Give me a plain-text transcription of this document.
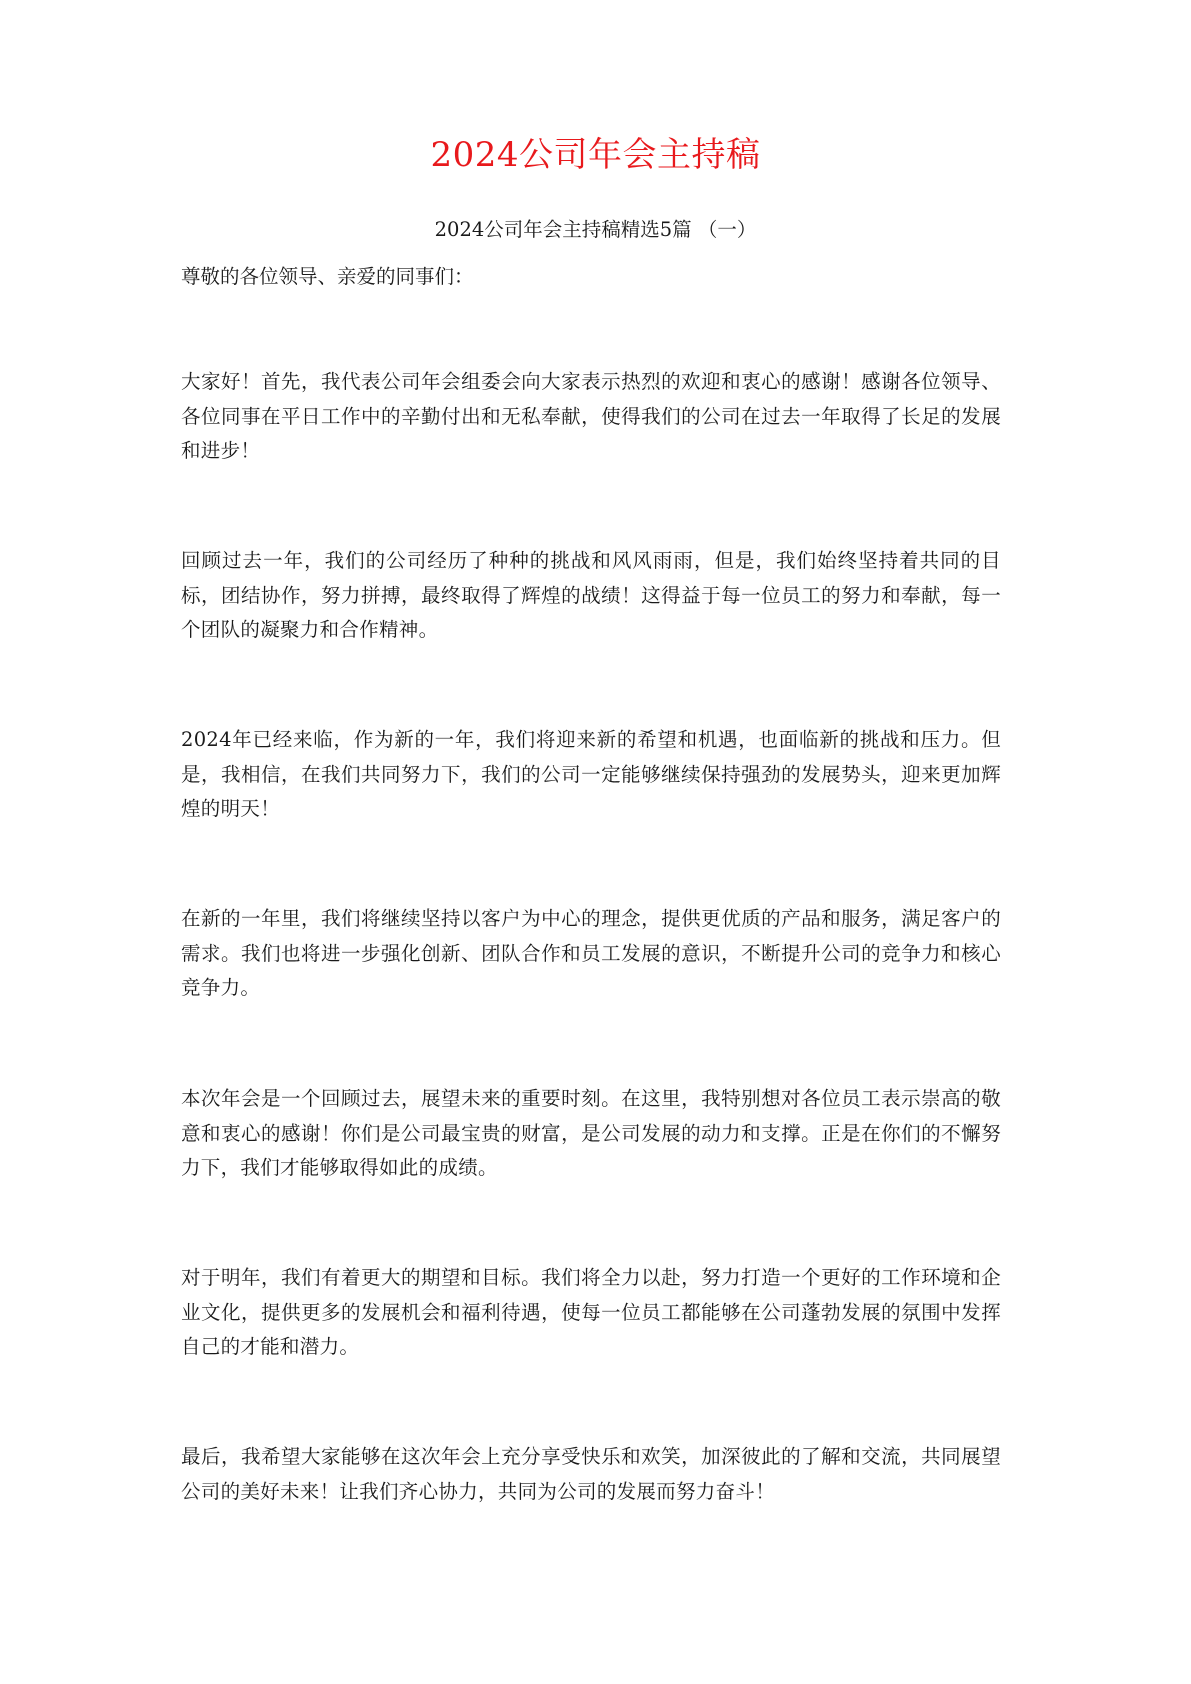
2024公司年会主持稿
2024公司年会主持稿精选5篇 （一）
尊敬的各位领导、亲爱的同事们：
大家好！首先，我代表公司年会组委会向大家表示热烈的欢迎和衷心的感谢！感谢各位领导、各位同事在平日工作中的辛勤付出和无私奉献，使得我们的公司在过去一年取得了长足的发展和进步！
回顾过去一年，我们的公司经历了种种的挑战和风风雨雨，但是，我们始终坚持着共同的目标，团结协作，努力拼搏，最终取得了辉煌的战绩！这得益于每一位员工的努力和奉献，每一个团队的凝聚力和合作精神。
2024年已经来临，作为新的一年，我们将迎来新的希望和机遇，也面临新的挑战和压力。但是，我相信，在我们共同努力下，我们的公司一定能够继续保持强劲的发展势头，迎来更加辉煌的明天！
在新的一年里，我们将继续坚持以客户为中心的理念，提供更优质的产品和服务，满足客户的需求。我们也将进一步强化创新、团队合作和员工发展的意识，不断提升公司的竞争力和核心竞争力。
本次年会是一个回顾过去，展望未来的重要时刻。在这里，我特别想对各位员工表示崇高的敬意和衷心的感谢！你们是公司最宝贵的财富，是公司发展的动力和支撑。正是在你们的不懈努力下，我们才能够取得如此的成绩。
对于明年，我们有着更大的期望和目标。我们将全力以赴，努力打造一个更好的工作环境和企业文化，提供更多的发展机会和福利待遇，使每一位员工都能够在公司蓬勃发展的氛围中发挥自己的才能和潜力。
最后，我希望大家能够在这次年会上充分享受快乐和欢笑，加深彼此的了解和交流，共同展望公司的美好未来！让我们齐心协力，共同为公司的发展而努力奋斗！
